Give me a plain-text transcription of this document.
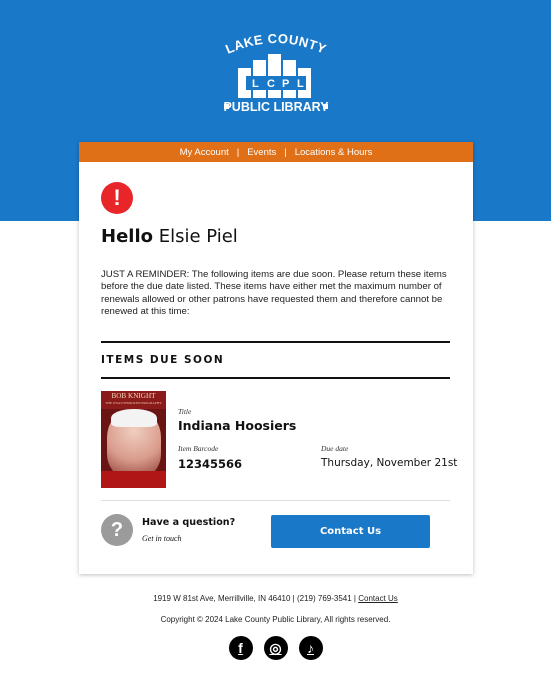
LAKE COUNTY
L C P L
PUBLIC LIBRARY
My Account | Events | Locations & Hours
!
Hello Elsie Piel

JUST A REMINDER: The following items are due soon. Please return these items before the due date listed. These items have either met the maximum number of renewals allowed or other patrons have requested them and therefore cannot be renewed at this time:

ITEMS DUE SOON
BOB KNIGHT
THE UNAUTHORIZED BIOGRAPHY
Title
Indiana Hoosiers
Item Barcode
12345566
Due date
Thursday, November 21st
?	Have a question?
Get in touch
Contact Us
1919 W 81st Ave, Merrillville, IN 46410 | (219) 769-3541 | Contact Us
Copyright © 2024 Lake County Public Library, All rights reserved.
f	◎	♪
